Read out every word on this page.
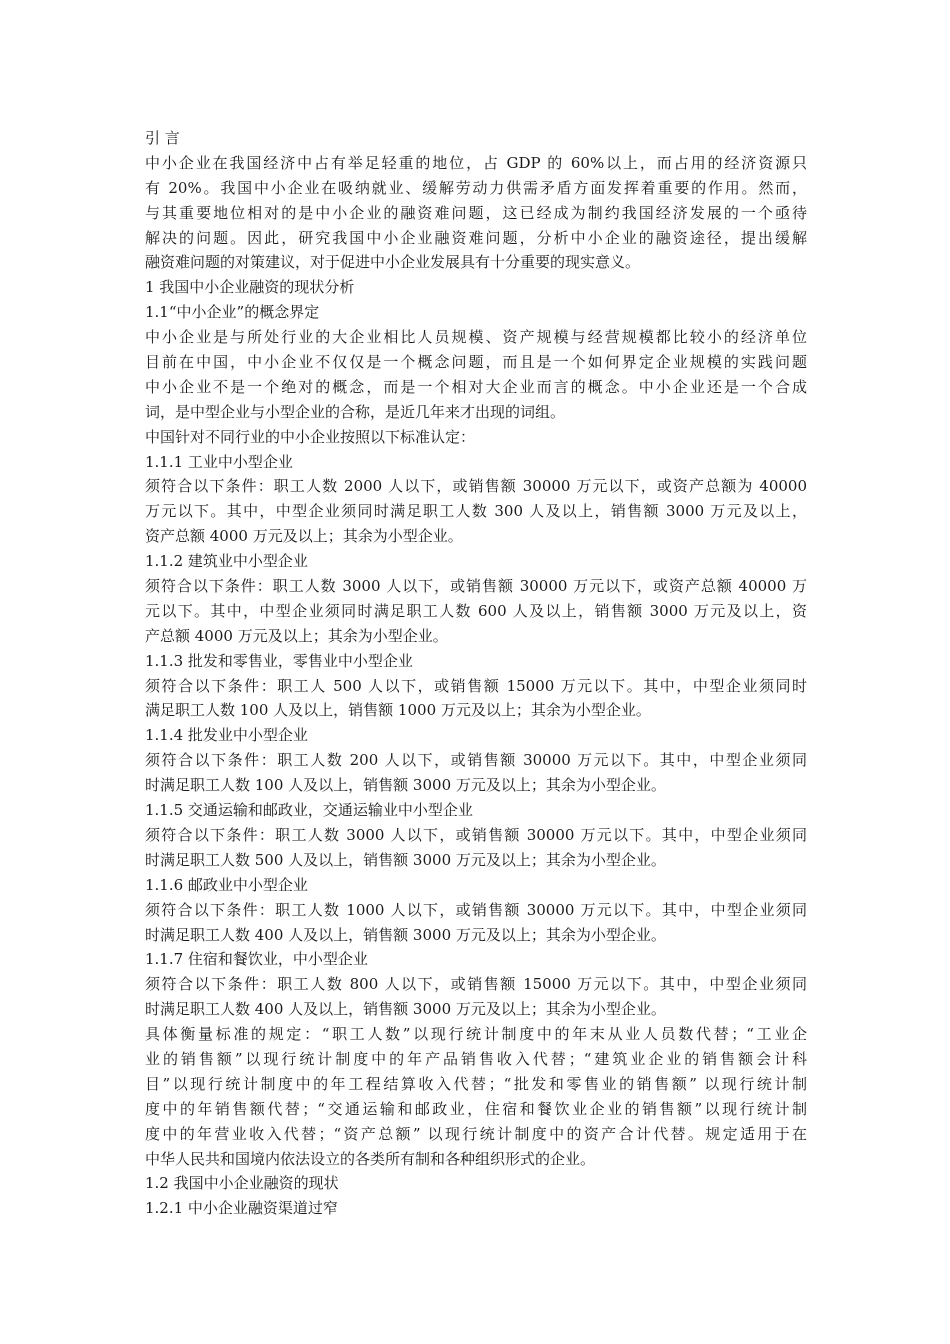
引 言
中小企业在我国经济中占有举足轻重的地位，占 GDP 的 60%以上，而占用的经济资源只
有 20%。我国中小企业在吸纳就业、缓解劳动力供需矛盾方面发挥着重要的作用。然而，
与其重要地位相对的是中小企业的融资难问题，这已经成为制约我国经济发展的一个亟待
解决的问题。因此，研究我国中小企业融资难问题，分析中小企业的融资途径，提出缓解
融资难问题的对策建议，对于促进中小企业发展具有十分重要的现实意义。
1 我国中小企业融资的现状分析
1.1“中小企业”的概念界定
中小企业是与所处行业的大企业相比人员规模、资产规模与经营规模都比较小的经济单位
目前在中国，中小企业不仅仅是一个概念问题，而且是一个如何界定企业规模的实践问题
中小企业不是一个绝对的概念，而是一个相对大企业而言的概念。中小企业还是一个合成
词，是中型企业与小型企业的合称，是近几年来才出现的词组。
中国针对不同行业的中小企业按照以下标准认定：
1.1.1 工业中小型企业
须符合以下条件：职工人数 2000 人以下，或销售额 30000 万元以下，或资产总额为 40000
万元以下。其中，中型企业须同时满足职工人数 300 人及以上，销售额 3000 万元及以上，
资产总额 4000 万元及以上；其余为小型企业。
1.1.2 建筑业中小型企业
须符合以下条件：职工人数 3000 人以下，或销售额 30000 万元以下，或资产总额 40000 万
元以下。其中，中型企业须同时满足职工人数 600 人及以上，销售额 3000 万元及以上，资
产总额 4000 万元及以上；其余为小型企业。
1.1.3 批发和零售业，零售业中小型企业
须符合以下条件：职工人 500 人以下，或销售额 15000 万元以下。其中，中型企业须同时
满足职工人数 100 人及以上，销售额 1000 万元及以上；其余为小型企业。
1.1.4 批发业中小型企业
须符合以下条件：职工人数 200 人以下，或销售额 30000 万元以下。其中，中型企业须同
时满足职工人数 100 人及以上，销售额 3000 万元及以上；其余为小型企业。
1.1.5 交通运输和邮政业，交通运输业中小型企业
须符合以下条件：职工人数 3000 人以下，或销售额 30000 万元以下。其中，中型企业须同
时满足职工人数 500 人及以上，销售额 3000 万元及以上；其余为小型企业。
1.1.6 邮政业中小型企业
须符合以下条件：职工人数 1000 人以下，或销售额 30000 万元以下。其中，中型企业须同
时满足职工人数 400 人及以上，销售额 3000 万元及以上；其余为小型企业。
1.1.7 住宿和餐饮业，中小型企业
须符合以下条件：职工人数 800 人以下，或销售额 15000 万元以下。其中，中型企业须同
时满足职工人数 400 人及以上，销售额 3000 万元及以上；其余为小型企业。
具体衡量标准的规定：“职工人数”以现行统计制度中的年末从业人员数代替；“工业企
业的销售额”以现行统计制度中的年产品销售收入代替；“建筑业企业的销售额会计科
目”以现行统计制度中的年工程结算收入代替；“批发和零售业的销售额” 以现行统计制
度中的年销售额代替；“交通运输和邮政业，住宿和餐饮业企业的销售额”以现行统计制
度中的年营业收入代替；“资产总额” 以现行统计制度中的资产合计代替。规定适用于在
中华人民共和国境内依法设立的各类所有制和各种组织形式的企业。
1.2 我国中小企业融资的现状
1.2.1 中小企业融资渠道过窄
